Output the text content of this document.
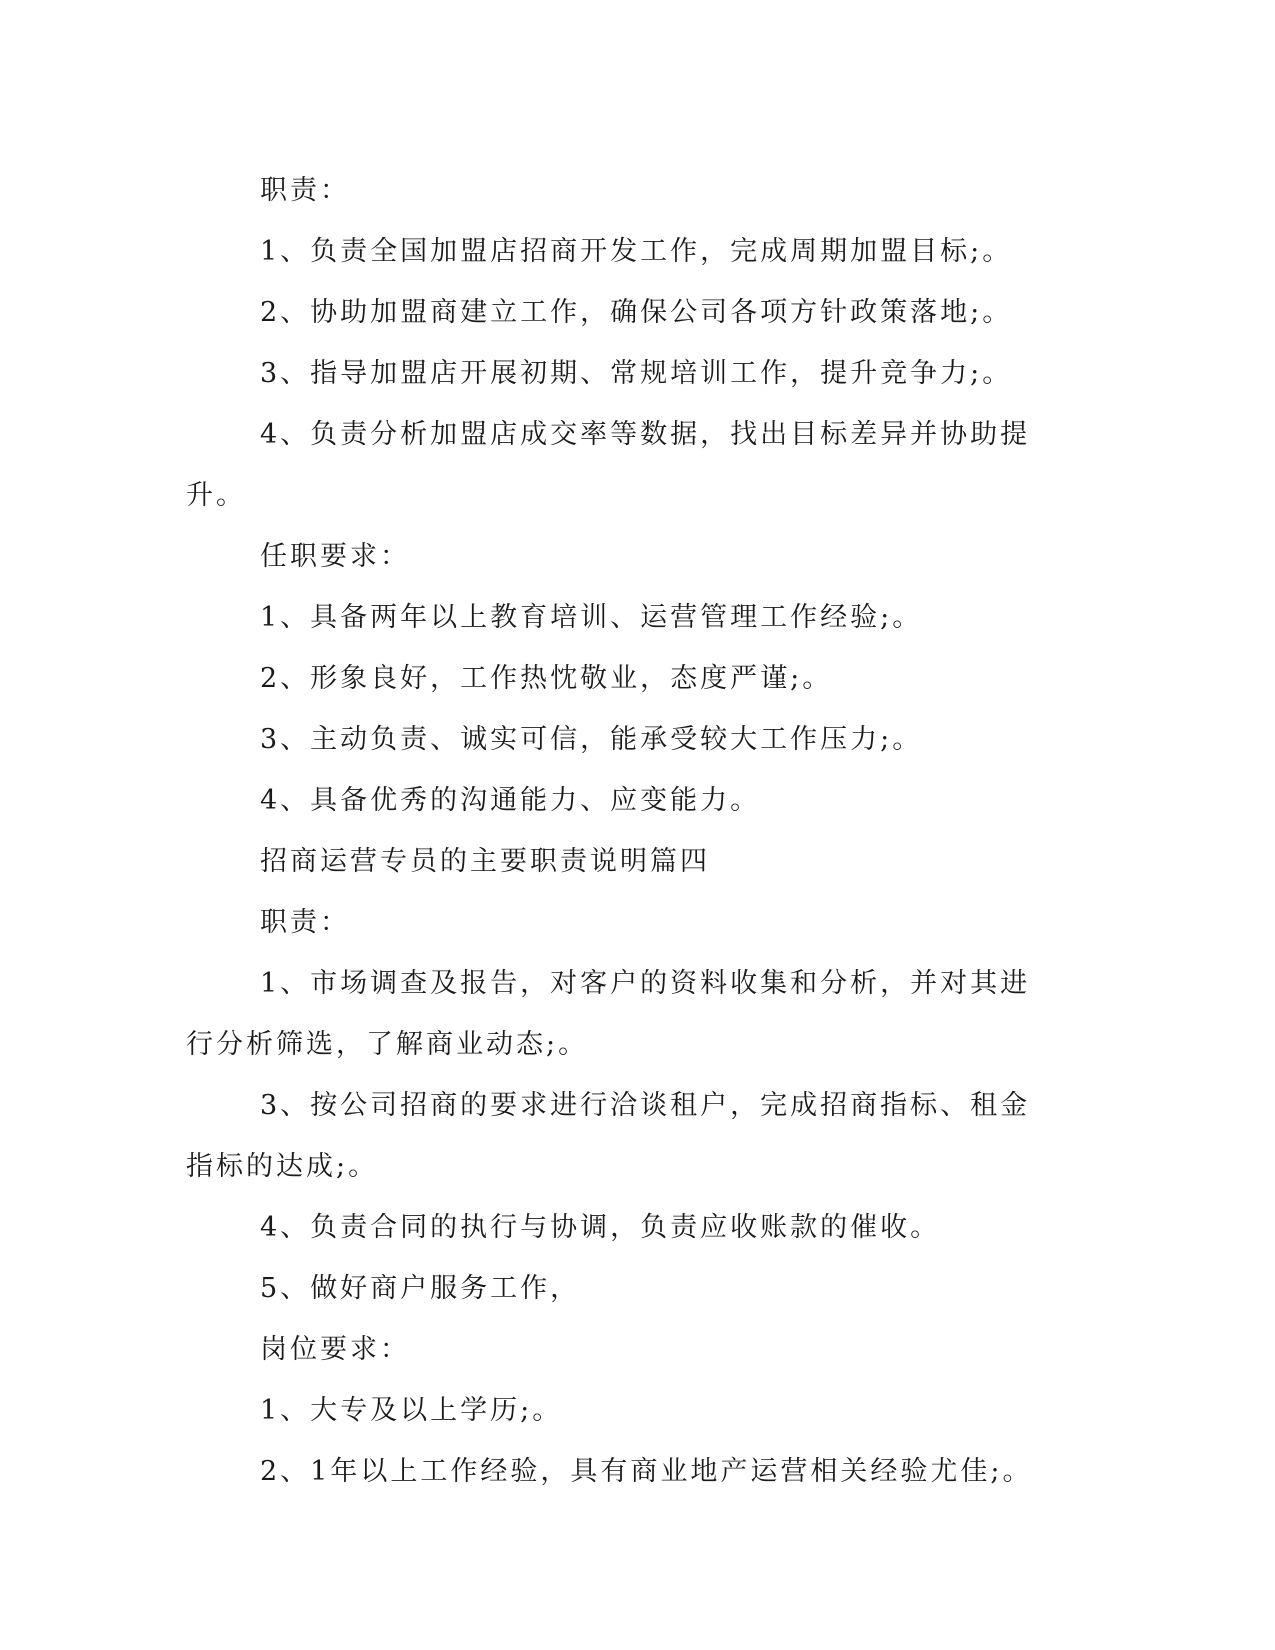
职责：

1、负责全国加盟店招商开发工作，完成周期加盟目标;。

2、协助加盟商建立工作，确保公司各项方针政策落地;。

3、指导加盟店开展初期、常规培训工作，提升竞争力;。

4、负责分析加盟店成交率等数据，找出目标差异并协助提升。

任职要求：

1、具备两年以上教育培训、运营管理工作经验;。

2、形象良好，工作热忱敬业，态度严谨;。

3、主动负责、诚实可信，能承受较大工作压力;。

4、具备优秀的沟通能力、应变能力。

招商运营专员的主要职责说明篇四

职责：

1、市场调查及报告，对客户的资料收集和分析，并对其进行分析筛选，了解商业动态;。

3、按公司招商的要求进行洽谈租户，完成招商指标、租金指标的达成;。

4、负责合同的执行与协调，负责应收账款的催收。

5、做好商户服务工作，

岗位要求：

1、大专及以上学历;。

2、1年以上工作经验，具有商业地产运营相关经验尤佳;。
